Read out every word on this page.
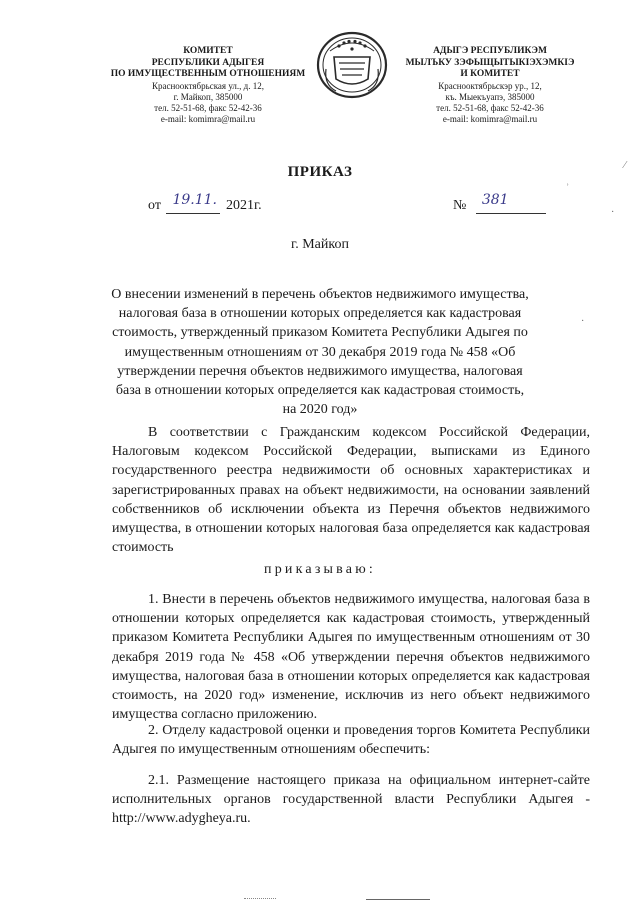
КОМИТЕТ
РЕСПУБЛИКИ АДЫГЕЯ
ПО ИМУЩЕСТВЕННЫМ ОТНОШЕНИЯМ
Краснооктябрьская ул., д. 12,
г. Майкоп, 385000
тел. 52-51-68, факс 52-42-36
e-mail: komimra@mail.ru
АДЫГЭ РЕСПУБЛИКЭМ
МЫЛЪКУ ЗЭФЫЩЫТЫКІЭХЭМКІЭ
И КОМИТЕТ
Краснооктябрьскэр ур., 12,
къ. Мыекъуапэ, 385000
тел. 52-51-68, факс 52-42-36
e-mail: komimra@mail.ru
ПРИКАЗ
от 19.11. 2021г.	№ 381
г. Майкоп
О внесении изменений в перечень объектов недвижимого имущества, налоговая база в отношении которых определяется как кадастровая стоимость, утвержденный приказом Комитета Республики Адыгея по имущественным отношениям от 30 декабря 2019 года № 458 «Об утверждении перечня объектов недвижимого имущества, налоговая база в отношении которых определяется как кадастровая стоимость, на 2020 год»
В соответствии с Гражданским кодексом Российской Федерации, Налоговым кодексом Российской Федерации, выписками из Единого государственного реестра недвижимости об основных характеристиках и зарегистрированных правах на объект недвижимости, на основании заявлений собственников об исключении объекта из Перечня объектов недвижимого имущества, в отношении которых налоговая база определяется как кадастровая стоимость
приказываю:
1. Внести в перечень объектов недвижимого имущества, налоговая база в отношении которых определяется как кадастровая стоимость, утвержденный приказом Комитета Республики Адыгея по имущественным отношениям от 30 декабря 2019 года № 458 «Об утверждении перечня объектов недвижимого имущества, налоговая база в отношении которых определяется как кадастровая стоимость, на 2020 год» изменение, исключив из него объект недвижимого имущества согласно приложению.
2. Отделу кадастровой оценки и проведения торгов Комитета Республики Адыгея по имущественным отношениям обеспечить:
2.1. Размещение настоящего приказа на официальном интернет-сайте исполнительных органов государственной власти Республики Адыгея - http://www.adygheya.ru.
˒
·
⁄
·
